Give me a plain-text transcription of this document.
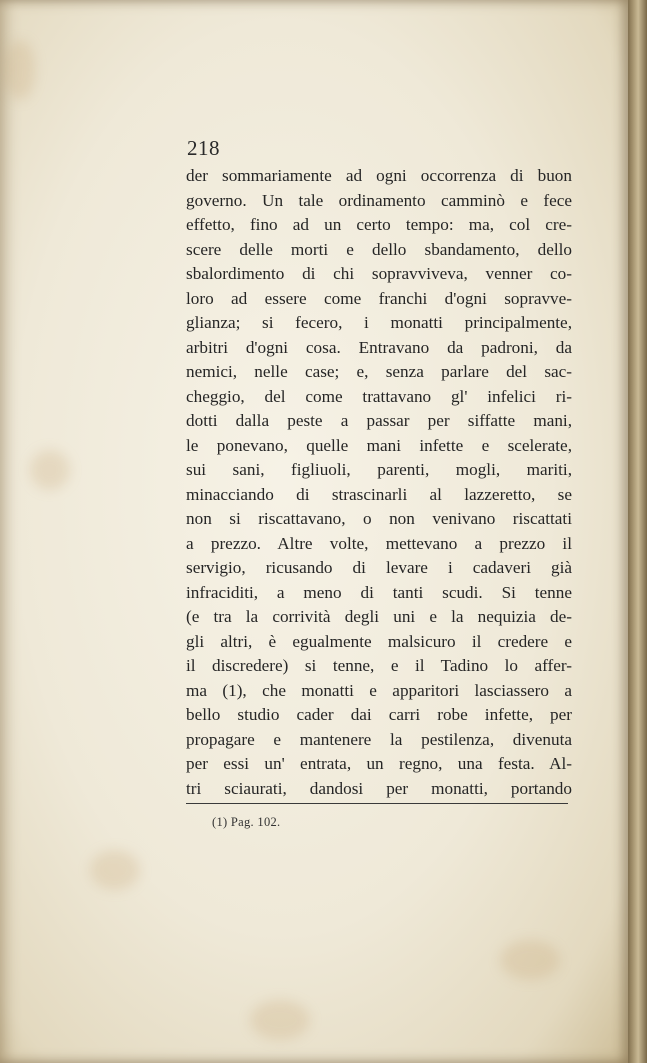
218
der sommariamente ad ogni occorrenza di buon
governo. Un tale ordinamento camminò e fece
effetto, fino ad un certo tempo: ma, col cre-
scere delle morti e dello sbandamento, dello
sbalordimento di chi sopravviveva, venner co-
loro ad essere come franchi d'ogni sopravve-
glianza; si fecero, i monatti principalmente,
arbitri d'ogni cosa. Entravano da padroni, da
nemici, nelle case; e, senza parlare del sac-
cheggio, del come trattavano gl' infelici ri-
dotti dalla peste a passar per siffatte mani,
le ponevano, quelle mani infette e scelerate,
sui sani, figliuoli, parenti, mogli, mariti,
minacciando di strascinarli al lazzeretto, se
non si riscattavano, o non venivano riscattati
a prezzo. Altre volte, mettevano a prezzo il
servigio, ricusando di levare i cadaveri già
infraciditi, a meno di tanti scudi. Si tenne
(e tra la corrività degli uni e la nequizia de-
gli altri, è egualmente malsicuro il credere e
il discredere) si tenne, e il Tadino lo affer-
ma (1), che monatti e apparitori lasciassero a
bello studio cader dai carri robe infette, per
propagare e mantenere la pestilenza, divenuta
per essi un' entrata, un regno, una festa. Al-
tri sciaurati, dandosi per monatti, portando
(1) Pag. 102.
